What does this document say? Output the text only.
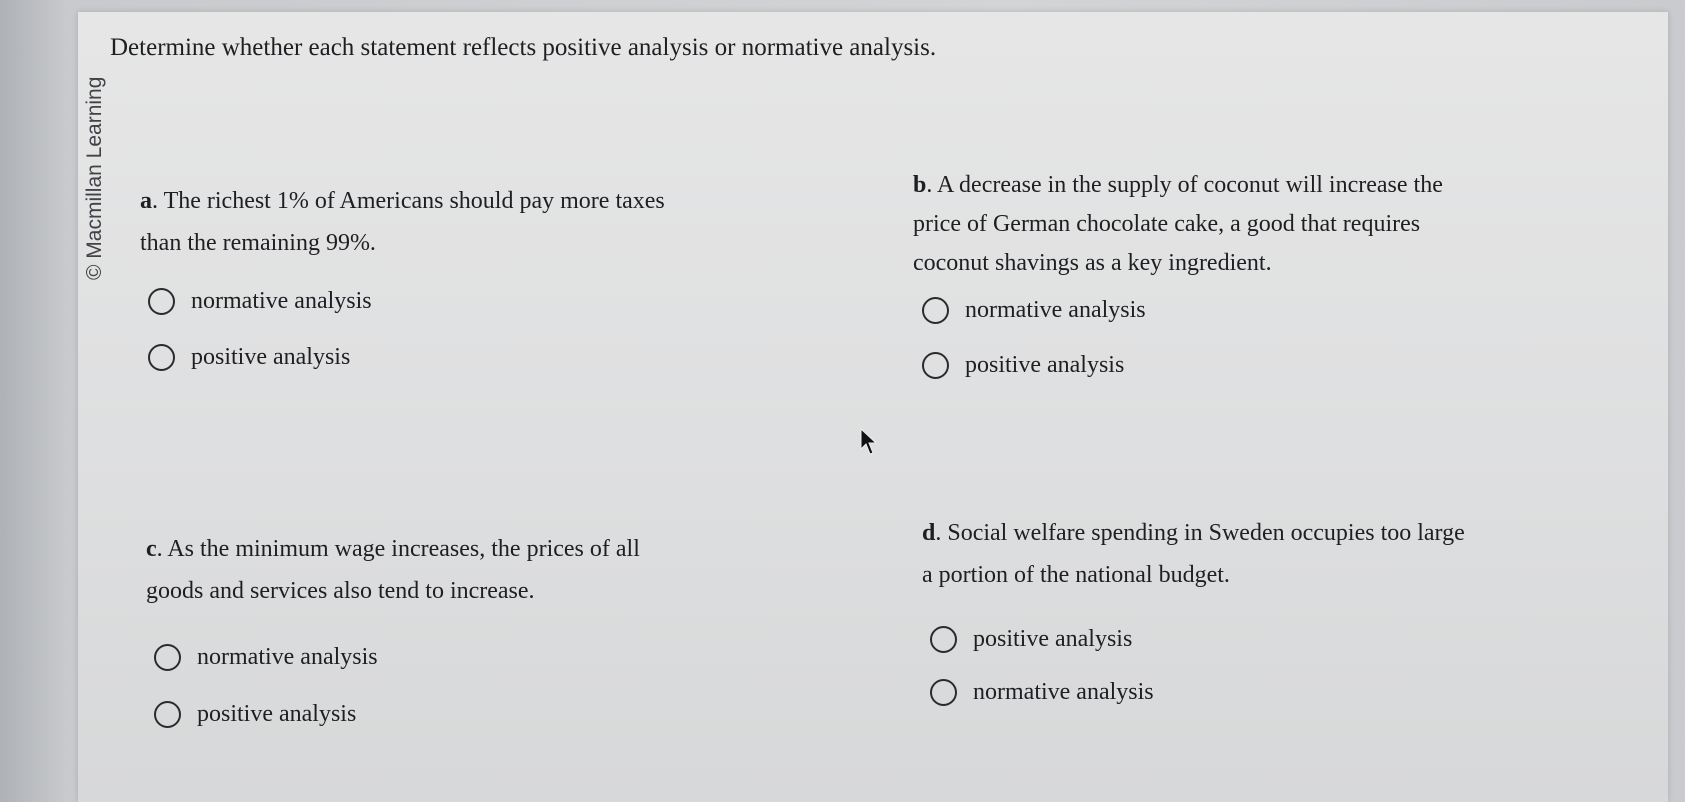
© Macmillan Learning
Determine whether each statement reflects positive analysis or normative analysis.
a. The richest 1% of Americans should pay more taxes
than the remaining 99%.
normative analysis
positive analysis
b. A decrease in the supply of coconut will increase the
price of German chocolate cake, a good that requires
coconut shavings as a key ingredient.
normative analysis
positive analysis
c. As the minimum wage increases, the prices of all
goods and services also tend to increase.
normative analysis
positive analysis
d. Social welfare spending in Sweden occupies too large
a portion of the national budget.
positive analysis
normative analysis
